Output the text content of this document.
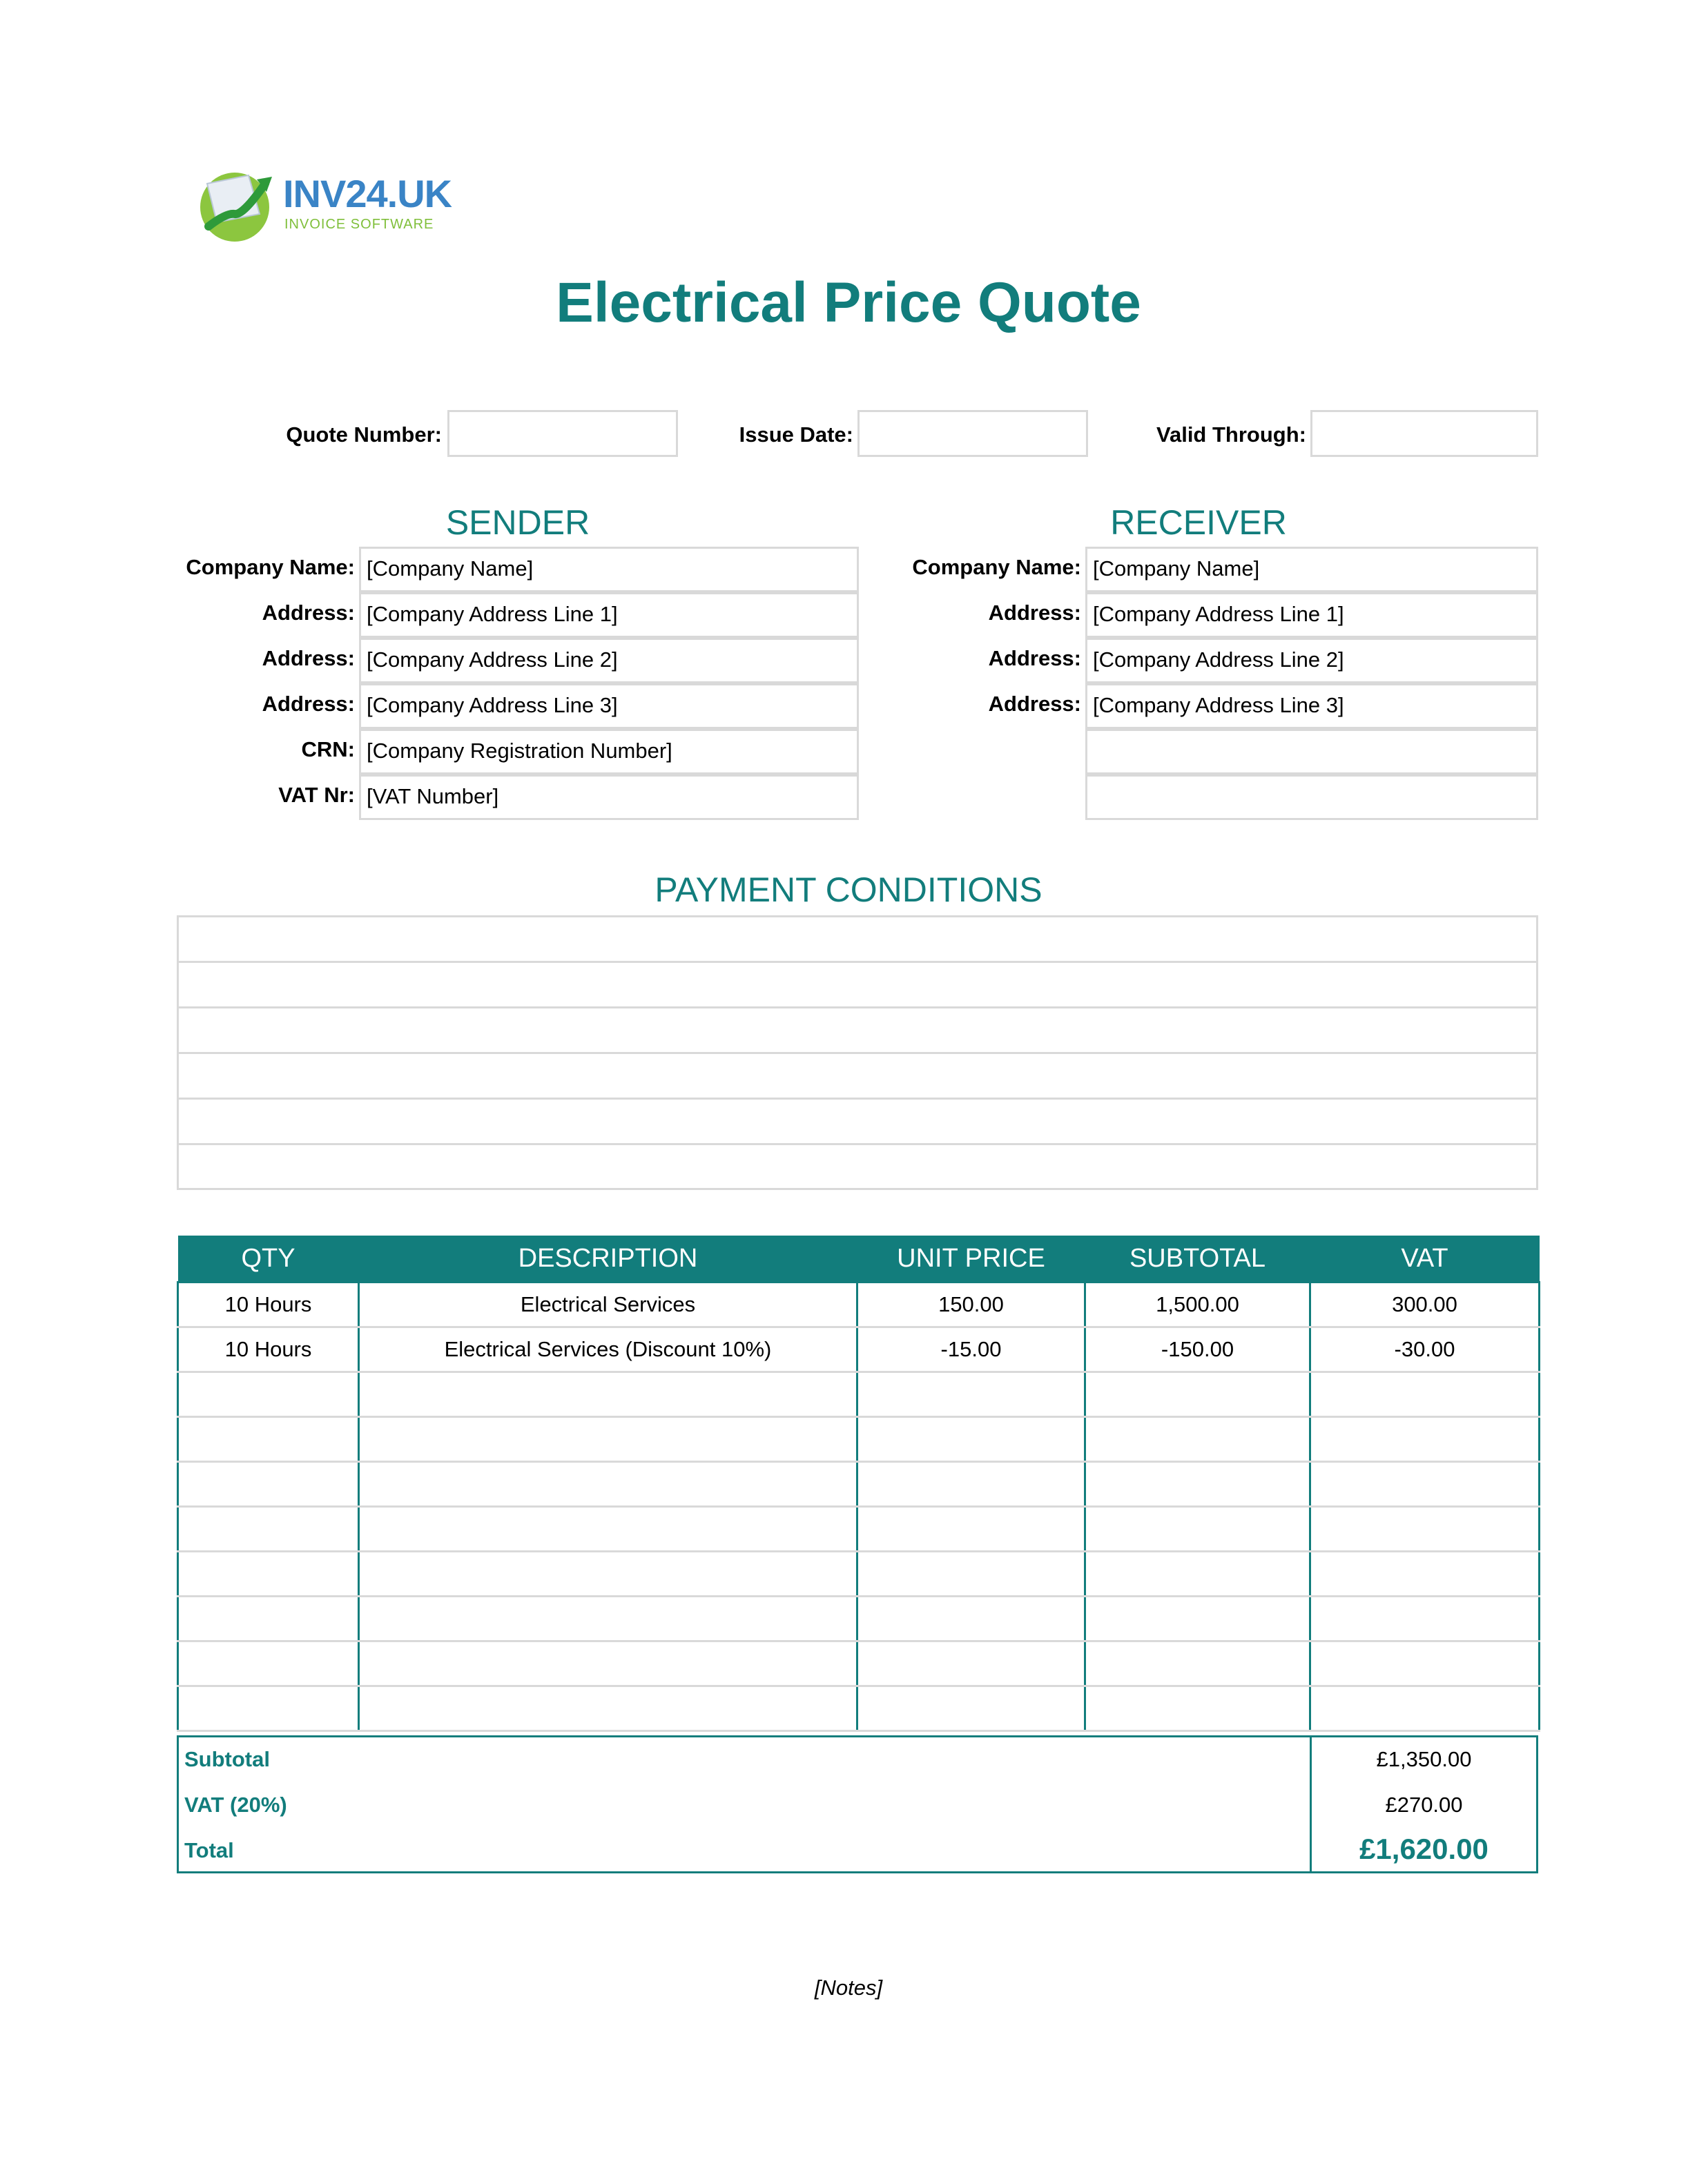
INV24.UK
INVOICE SOFTWARE
Electrical Price Quote
Quote Number:	Issue Date:	Valid Through:
SENDER	RECEIVER
Company Name: [Company Name]
Address: [Company Address Line 1]
Address: [Company Address Line 2]
Address: [Company Address Line 3]
CRN: [Company Registration Number]
VAT Nr: [VAT Number]
Company Name: [Company Name]
Address: [Company Address Line 1]
Address: [Company Address Line 2]
Address: [Company Address Line 3]
PAYMENT CONDITIONS
QTY	DESCRIPTION	UNIT PRICE	SUBTOTAL	VAT
10 Hours	Electrical Services	150.00	1,500.00	300.00
10 Hours	Electrical Services (Discount 10%)	-15.00	-150.00	-30.00

Subtotal	£1,350.00
VAT (20%)	£270.00
Total	£1,620.00
[Notes]
